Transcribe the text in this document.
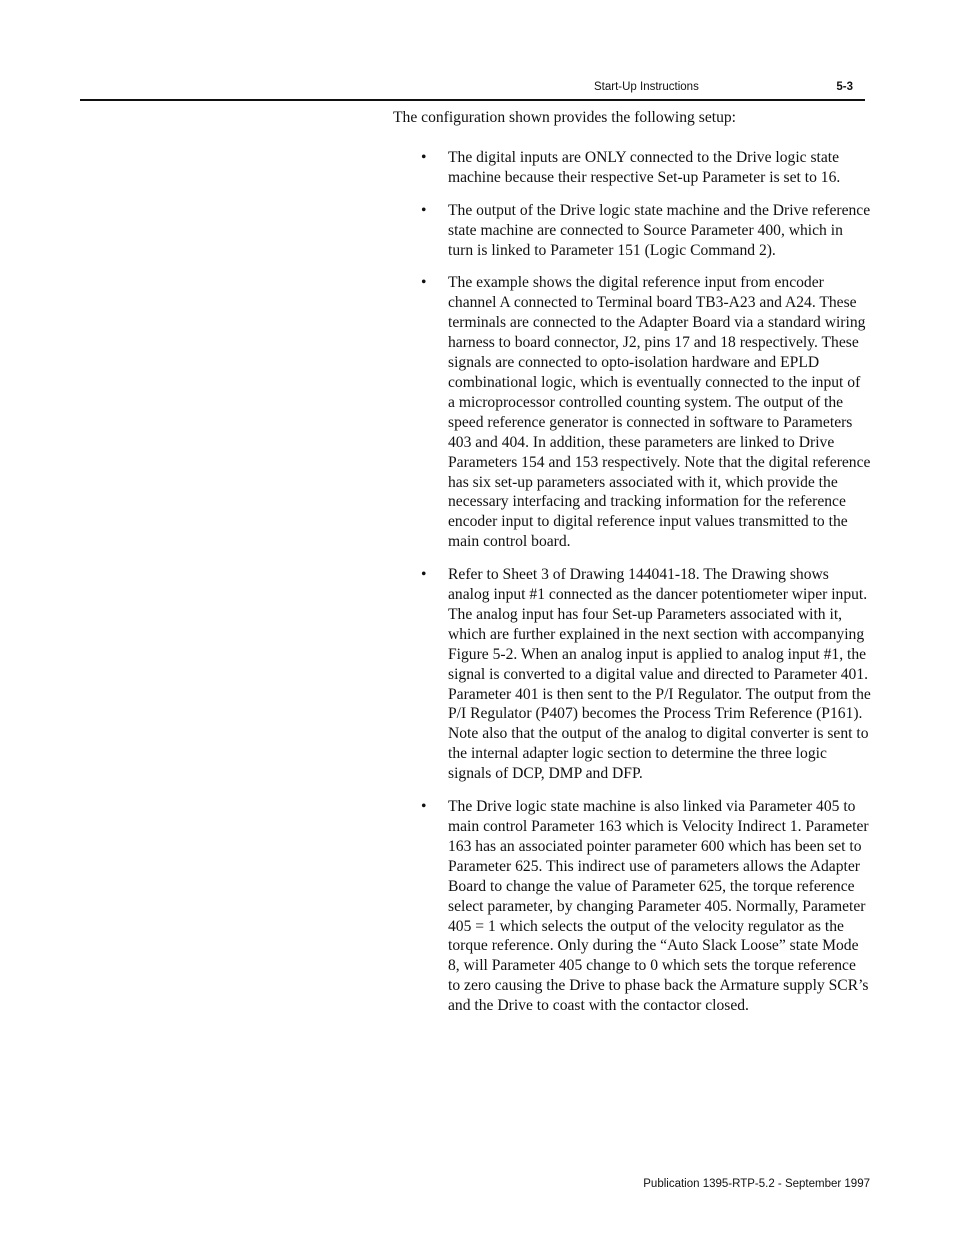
Start-Up Instructions	5-3

The configuration shown provides the following setup:

• The digital inputs are ONLY connected to the Drive logic state machine because their respective Set-up Parameter is set to 16.
• The output of the Drive logic state machine and the Drive reference state machine are connected to Source Parameter 400, which in turn is linked to Parameter 151 (Logic Command 2).
• The example shows the digital reference input from encoder channel A connected to Terminal board TB3-A23 and A24. These terminals are connected to the Adapter Board via a standard wiring harness to board connector, J2, pins 17 and 18 respectively. These signals are connected to opto-isolation hardware and EPLD combinational logic, which is eventually connected to the input of a microprocessor controlled counting system. The output of the speed reference generator is connected in software to Parameters 403 and 404. In addition, these parameters are linked to Drive Parameters 154 and 153 respectively. Note that the digital reference has six set-up parameters associated with it, which provide the necessary interfacing and tracking information for the reference encoder input to digital reference input values transmitted to the main control board.
• Refer to Sheet 3 of Drawing 144041-18. The Drawing shows analog input #1 connected as the dancer potentiometer wiper input. The analog input has four Set-up Parameters associated with it, which are further explained in the next section with accompanying Figure 5-2. When an analog input is applied to analog input #1, the signal is converted to a digital value and directed to Parameter 401. Parameter 401 is then sent to the P/I Regulator. The output from the P/I Regulator (P407) becomes the Process Trim Reference (P161). Note also that the output of the analog to digital converter is sent to the internal adapter logic section to determine the three logic signals of DCP, DMP and DFP.
• The Drive logic state machine is also linked via Parameter 405 to main control Parameter 163 which is Velocity Indirect 1. Parameter 163 has an associated pointer parameter 600 which has been set to Parameter 625. This indirect use of parameters allows the Adapter Board to change the value of Parameter 625, the torque reference select parameter, by changing Parameter 405. Normally, Parameter 405 = 1 which selects the output of the velocity regulator as the torque reference. Only during the “Auto Slack Loose” state Mode 8, will Parameter 405 change to 0 which sets the torque reference to zero causing the Drive to phase back the Armature supply SCR’s and the Drive to coast with the contactor closed.
Publication 1395-RTP-5.2 - September 1997
